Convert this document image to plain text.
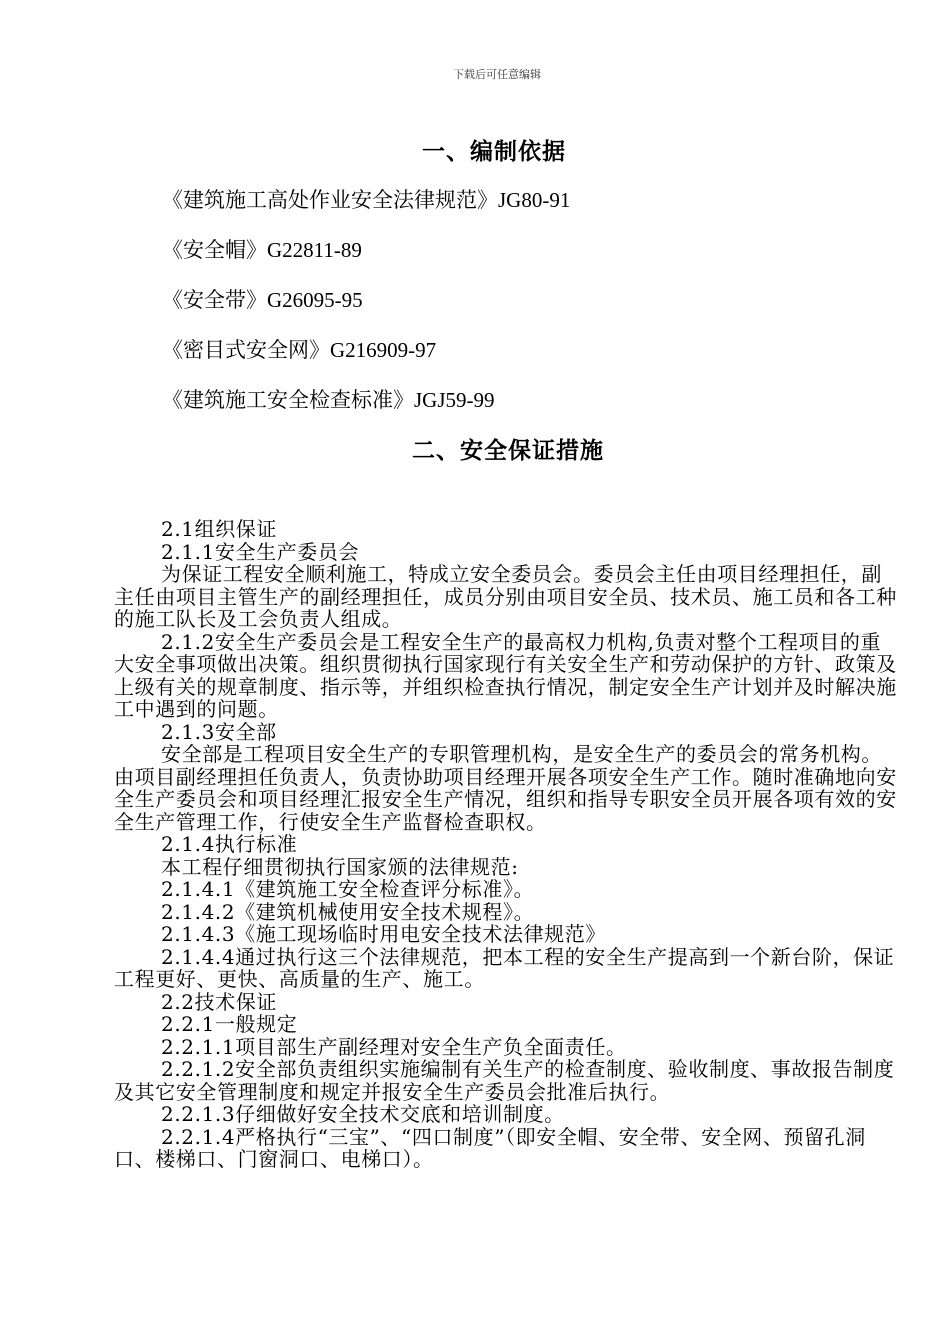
下载后可任意编辑
一、编制依据
《建筑施工高处作业安全法律规范》JG80-91
《安全帽》G22811-89
《安全带》G26095-95
《密目式安全网》G216909-97
《建筑施工安全检查标准》JGJ59-99
二、安全保证措施

2.1组织保证

2.1.1安全生产委员会

为保证工程安全顺利施工，特成立安全委员会。委员会主任由项目经理担任，副主任由项目主管生产的副经理担任，成员分别由项目安全员、技术员、施工员和各工种的施工队长及工会负责人组成。

2.1.2安全生产委员会是工程安全生产的最高权力机构,负责对整个工程项目的重大安全事项做出决策。组织贯彻执行国家现行有关安全生产和劳动保护的方针、政策及上级有关的规章制度、指示等，并组织检查执行情况，制定安全生产计划并及时解决施工中遇到的问题。

2.1.3安全部

安全部是工程项目安全生产的专职管理机构，是安全生产的委员会的常务机构。由项目副经理担任负责人，负责协助项目经理开展各项安全生产工作。随时准确地向安全生产委员会和项目经理汇报安全生产情况，组织和指导专职安全员开展各项有效的安全生产管理工作，行使安全生产监督检查职权。

2.1.4执行标准

本工程仔细贯彻执行国家颁的法律规范:

2.1.4.1《建筑施工安全检查评分标准》。

2.1.4.2《建筑机械使用安全技术规程》。

2.1.4.3《施工现场临时用电安全技术法律规范》

2.1.4.4通过执行这三个法律规范，把本工程的安全生产提高到一个新台阶，保证工程更好、更快、高质量的生产、施工。

2.2技术保证

2.2.1一般规定

2.2.1.1项目部生产副经理对安全生产负全面责任。

2.2.1.2安全部负责组织实施编制有关生产的检查制度、验收制度、事故报告制度及其它安全管理制度和规定并报安全生产委员会批准后执行。

2.2.1.3仔细做好安全技术交底和培训制度。

2.2.1.4严格执行“三宝”、“四口制度”（即安全帽、安全带、安全网、预留孔洞口、楼梯口、门窗洞口、电梯口）。
